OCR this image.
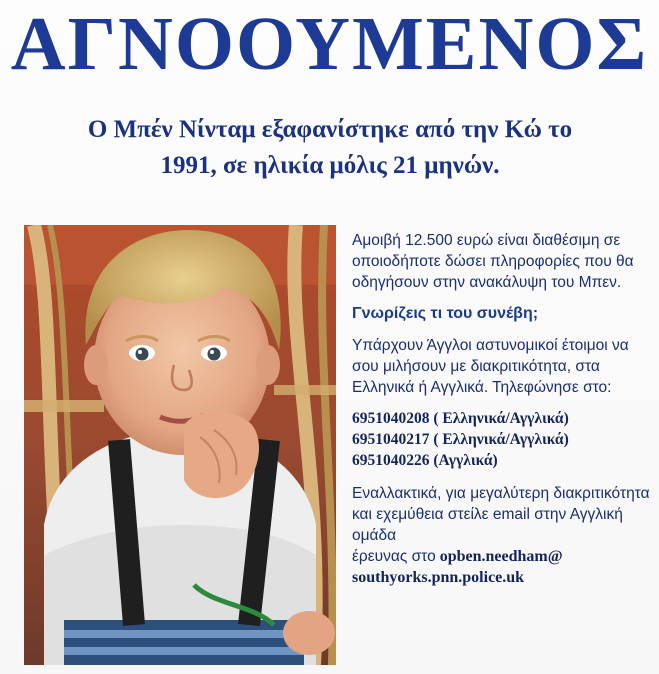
ΑΓΝΟΟΥΜΕΝΟΣ
Ο Μπέν Νίνταμ εξαφανίστηκε από την Κώ το
1991, σε ηλικία μόλις 21 μηνών.

Αμοιβή 12.500 ευρώ είναι διαθέσιμη σε οποιοδήποτε δώσει πληροφορίες που θα οδηγήσουν στην ανακάλυψη του Μπεν.

Γνωρίζεις τι του συνέβη;

Υπάρχουν Άγγλοι αστυνομικοί έτοιμοι να σου μιλήσουν με διακριτικότητα, στα Ελληνικά ή Αγγλικά. Τηλεφώνησε στο:

6951040208 ( Ελληνικά/Αγγλικά)
6951040217 ( Ελληνικά/Αγγλικά)
6951040226 (Αγγλικά)

Εναλλακτικά, για μεγαλύτερη διακριτικότητα και εχεμύθεια στείλε email στην Αγγλική ομάδα

έρευνας στο opben.needham@
southyorks.pnn.police.uk
